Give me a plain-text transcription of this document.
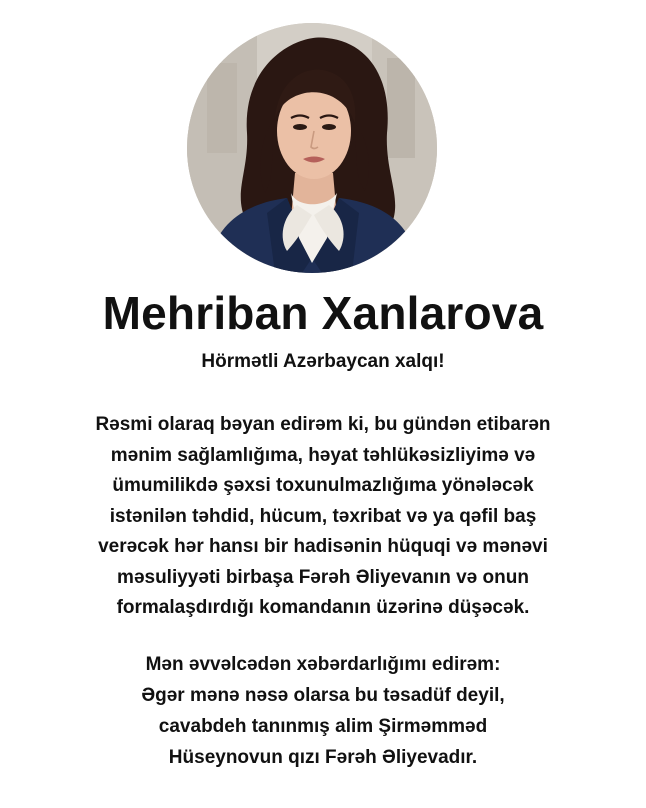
Mehriban Xanlarova
Hörmətli Azərbaycan xalqı!
Rəsmi olaraq bəyan edirəm ki, bu gündən etibarən
mənim sağlamlığıma, həyat təhlükəsizliyimə və
ümumilikdə şəxsi toxunulmazlığıma yönələcək
istənilən təhdid, hücum, təxribat və ya qəfil baş
verəcək hər hansı bir hadisənin hüquqi və mənəvi
məsuliyyəti birbaşa Fərəh Əliyevanın və onun
formalaşdırdığı komandanın üzərinə düşəcək.
Mən əvvəlcədən xəbərdarlığımı edirəm:
Əgər mənə nəsə olarsa bu təsadüf deyil,
cavabdeh tanınmış alim Şirməmməd
Hüseynovun qızı Fərəh Əliyevadır.
